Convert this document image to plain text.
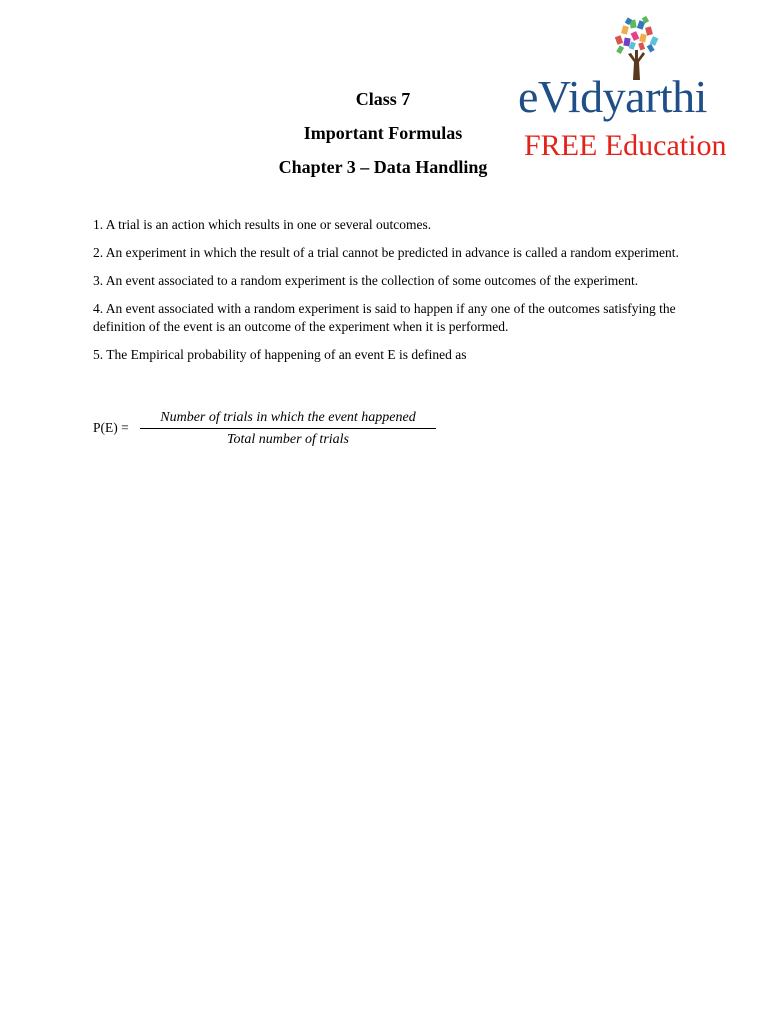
eVidyarthi
FREE Education
Class 7
Important Formulas
Chapter 3 – Data Handling

1. A trial is an action which results in one or several outcomes.

2. An experiment in which the result of a trial cannot be predicted in advance is called a random experiment.

3. An event associated to a random experiment is the collection of some outcomes of the experiment.

4. An event associated with a random experiment is said to happen if any one of the outcomes satisfying the definition of the event is an outcome of the experiment when it is performed.

5. The Empirical probability of happening of an event E is defined as

P(E) =
Number of trials in which the event happened
Total number of trials
